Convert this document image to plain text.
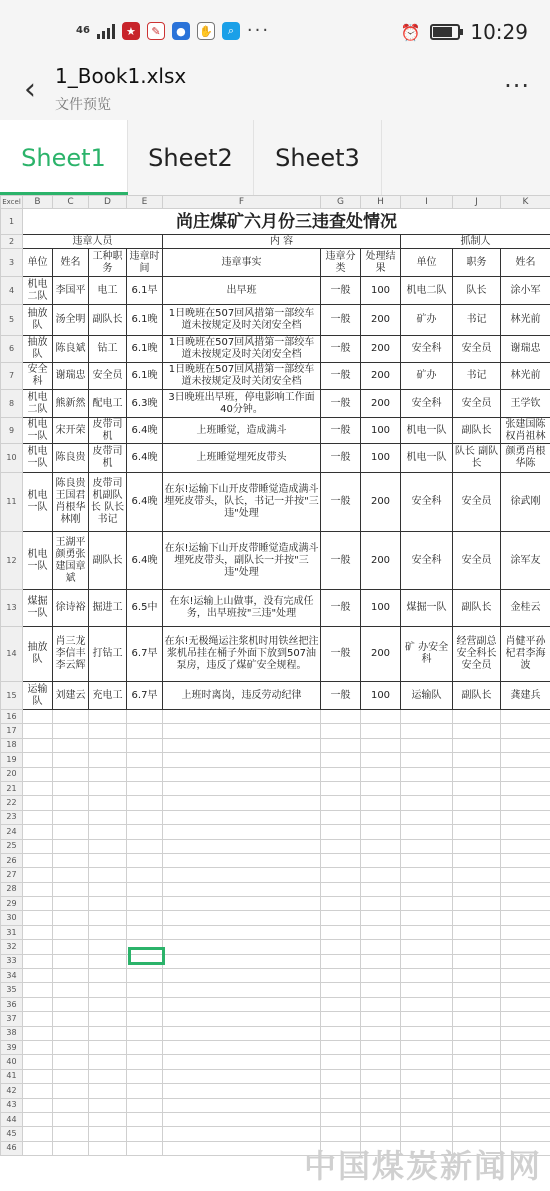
46	★	✎	●	✋	⌕ ···	⏰	10:29
‹ 1_Book1.xlsx
文件预览
···
Sheet1	Sheet2	Sheet3
Excel	B	C	D	E	F	G	H	I	J	K
1	尚庄煤矿六月份三违查处情况									
2	违章人员				内 容			抓制人		
3	单位	姓名	工种职务	违章时间	违章事实	违章分类	处理结果	单位	职务	姓名
4	机电二队	李国平	电工	6.1早	出早班	一般	100	机电二队	队长	涂小军
5	抽放队	汤全明	副队长	6.1晚	1日晚班在507回风措第一部绞车道未按规定及时关闭安全档	一般	200	矿办	书记	林光前
6	抽放队	陈良斌	钻工	6.1晚	1日晚班在507回风措第一部绞车道未按规定及时关闭安全档	一般	200	安全科	安全员	谢瑞忠
7	安全科	谢瑞忠	安全员	6.1晚	1日晚班在507回风措第一部绞车道未按规定及时关闭安全档	一般	200	矿办	书记	林光前
8	机电二队	熊新然	配电工	6.3晚	3日晚班出早班，停电影响工作面40分钟。	一般	200	安全科	安全员	王学钦
9	机电一队	宋开荣	皮带司机	6.4晚	上班睡觉，造成满斗	一般	100	机电一队	副队长	张建国陈权肖祖林
10	机电一队	陈良贵	皮带司机	6.4晚	上班睡觉埋死皮带头	一般	100	机电一队	队长 副队长	颜勇肖根华陈
11	机电一队	陈良贵王国君肖根华林刚	皮带司机副队长 队长书记	6.4晚	在东!运输下山开皮带睡觉造成满斗埋死皮带头，队长，书记一并按"三违"处理	一般	200	安全科	安全员	徐武刚
12	机电一队	王湖平颜勇张建国章斌	副队长	6.4晚	在东!运输下山开皮带睡觉造成满斗埋死皮带头，副队长一并按"三违"处理	一般	200	安全科	安全员	涂军友
13	煤掘一队	徐诗裕	掘进工	6.5中	在东!运输上山做事，没有完成任务，出早班按"三违"处理	一般	100	煤掘一队	副队长	金桂云
14	抽放队	肖三龙李信丰李云辉	打钻工	6.7早	在东!无极绳运注浆机时用铁丝把注浆机吊挂在桶子外面下放到507油泵房，违反了煤矿安全规程。	一般	200	矿 办安全科	经营副总安全科长安全员	肖健平孙杞君李海波
15	运输队	刘建云	充电工	6.7早	上班时离岗，违反劳动纪律	一般	100	运输队	副队长	龚建兵
16										
17										
18										
19										
20										
21										
22										
23										
24										
25										
26										
27										
28										
29										
30										
31										
32										
33										
34										
35										
36										
37										
38										
39										
40										
41										
42										
43										
44										
45										
46											中国煤炭新闻网
